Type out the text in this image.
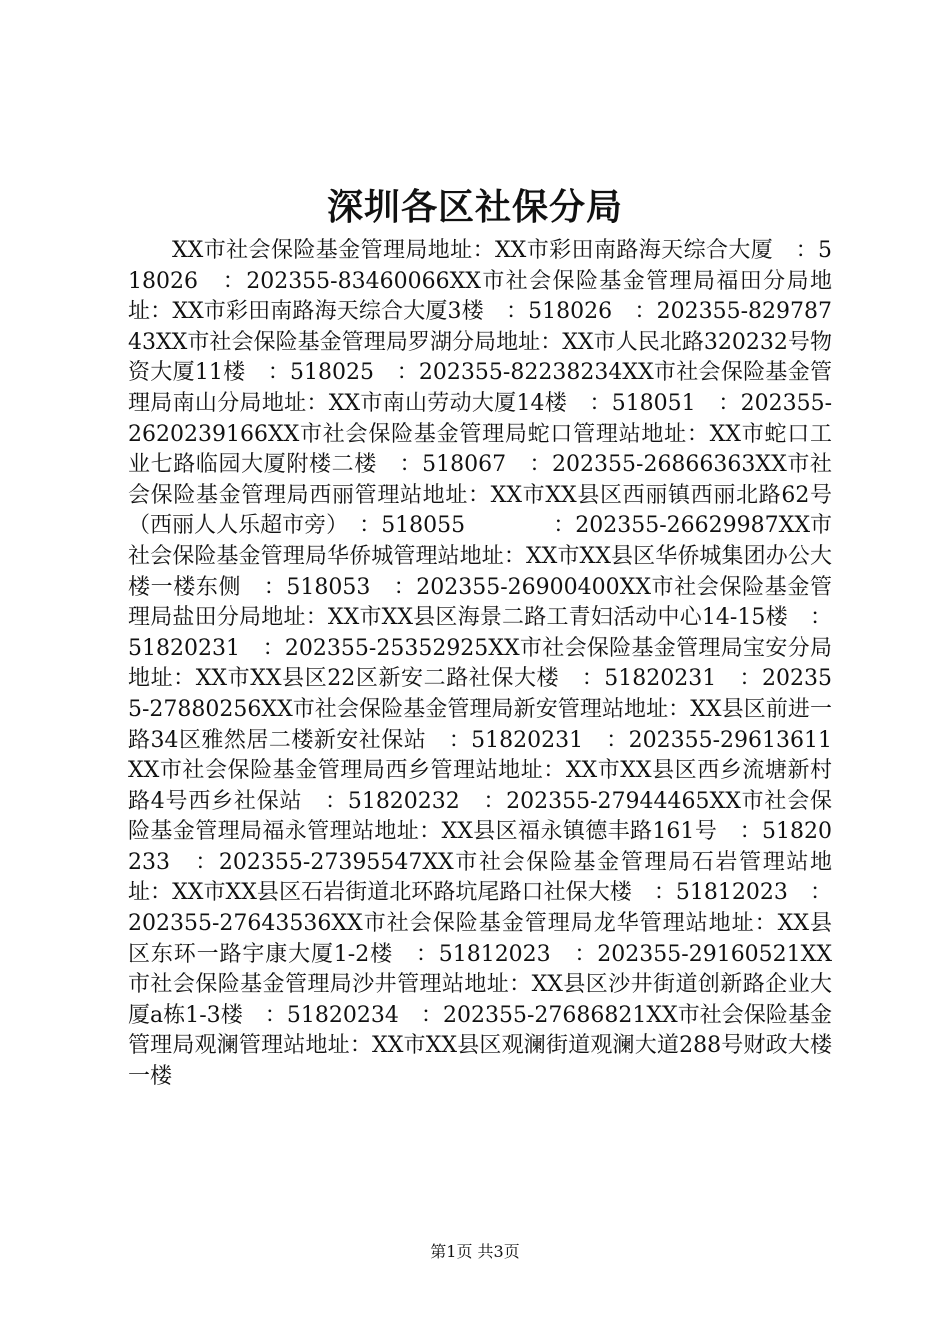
深圳各区社保分局

XX市社会保险基金管理局地址：XX市彩田南路海天综合大厦　：518026　：202355-83460066XX市社会保险基金管理局福田分局地址：XX市彩田南路海天综合大厦3楼　：518026　：202355-82978743XX市社会保险基金管理局罗湖分局地址：XX市人民北路320232号物资大厦11楼　：518025　：202355-82238234XX市社会保险基金管理局南山分局地址：XX市南山劳动大厦14楼　：518051　：202355-2620239166XX市社会保险基金管理局蛇口管理站地址：XX市蛇口工业七路临园大厦附楼二楼　：518067　：202355-26866363XX市社会保险基金管理局西丽管理站地址：XX市XX县区西丽镇西丽北路62号（西丽人人乐超市旁）　：518055　　　　：202355-26629987XX市社会保险基金管理局华侨城管理站地址：XX市XX县区华侨城集团办公大楼一楼东侧　：518053　：202355-26900400XX市社会保险基金管理局盐田分局地址：XX市XX县区海景二路工青妇活动中心14-15楼　：51820231　：202355-25352925XX市社会保险基金管理局宝安分局地址：XX市XX县区22区新安二路社保大楼　：51820231　：202355-27880256XX市社会保险基金管理局新安管理站地址：XX县区前进一路34区雅然居二楼新安社保站　：51820231　：202355-29613611XX市社会保险基金管理局西乡管理站地址：XX市XX县区西乡流塘新村路4号西乡社保站　：51820232　：202355-27944465XX市社会保险基金管理局福永管理站地址：XX县区福永镇德丰路161号　：51820233　：202355-27395547XX市社会保险基金管理局石岩管理站地址：XX市XX县区石岩街道北环路坑尾路口社保大楼　：51812023　：202355-27643536XX市社会保险基金管理局龙华管理站地址：XX县区东环一路宇康大厦1-2楼　：51812023　：202355-29160521XX市社会保险基金管理局沙井管理站地址：XX县区沙井街道创新路企业大厦a栋1-3楼　：51820234　：202355-27686821XX市社会保险基金管理局观澜管理站地址：XX市XX县区观澜街道观澜大道288号财政大楼一楼

第1页 共3页
